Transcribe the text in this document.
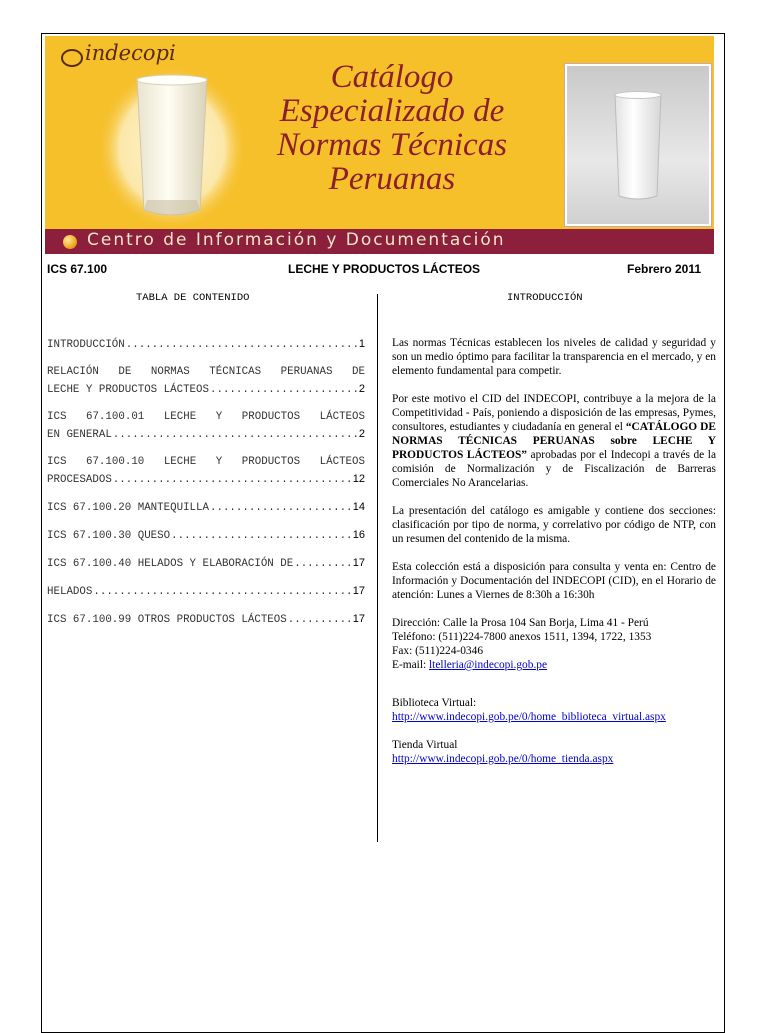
indecopi
Catálogo
Especializado de
Normas Técnicas
Peruanas
Centro de Información y Documentación
ICS 67.100	LECHE Y PRODUCTOS LÁCTEOS	Febrero 2011
TABLA DE CONTENIDO	INTRODUCCIÓN
INTRODUCCIÓN .....	1
RELACIÓN DE NORMAS TÉCNICAS PERUANAS DE
LECHE Y PRODUCTOS LÁCTEOS .....	2
ICS 67.100.01 LECHE Y PRODUCTOS LÁCTEOS
EN GENERAL .....	2
ICS 67.100.10 LECHE Y PRODUCTOS LÁCTEOS
PROCESADOS .....	12
ICS 67.100.20 MANTEQUILLA .....	14
ICS 67.100.30 QUESO .....	16
ICS 67.100.40 HELADOS Y ELABORACIÓN DE .....	17
HELADOS .....	17
ICS 67.100.99 OTROS PRODUCTOS LÁCTEOS .....	17

Las normas Técnicas establecen los niveles de calidad y seguridad y son un medio óptimo para facilitar la transparencia en el mercado, y en elemento fundamental para competir.

Por este motivo el CID del INDECOPI, contribuye a la mejora de la Competitividad - País, poniendo a disposición de las empresas, Pymes, consultores, estudiantes y ciudadanía en general el “CATÁLOGO DE NORMAS TÉCNICAS PERUANAS sobre LECHE Y PRODUCTOS LÁCTEOS” aprobadas por el Indecopi a través de la comisión de Normalización y de Fiscalización de Barreras Comerciales No Arancelarias.

La presentación del catálogo es amigable y contiene dos secciones: clasificación por tipo de norma, y correlativo por código de NTP, con un resumen del contenido de la misma.

Esta colección está a disposición para consulta y venta en: Centro de Información y Documentación del INDECOPI (CID), en el Horario de atención: Lunes a Viernes de 8:30h a 16:30h

Dirección: Calle la Prosa 104 San Borja, Lima 41 - Perú
Teléfono: (511)224-7800 anexos 1511, 1394, 1722, 1353
Fax: (511)224-0346
E-mail: ltelleria@indecopi.gob.pe

Biblioteca Virtual:
http://www.indecopi.gob.pe/0/home_biblioteca_virtual.aspx

Tienda Virtual
http://www.indecopi.gob.pe/0/home_tienda.aspx
